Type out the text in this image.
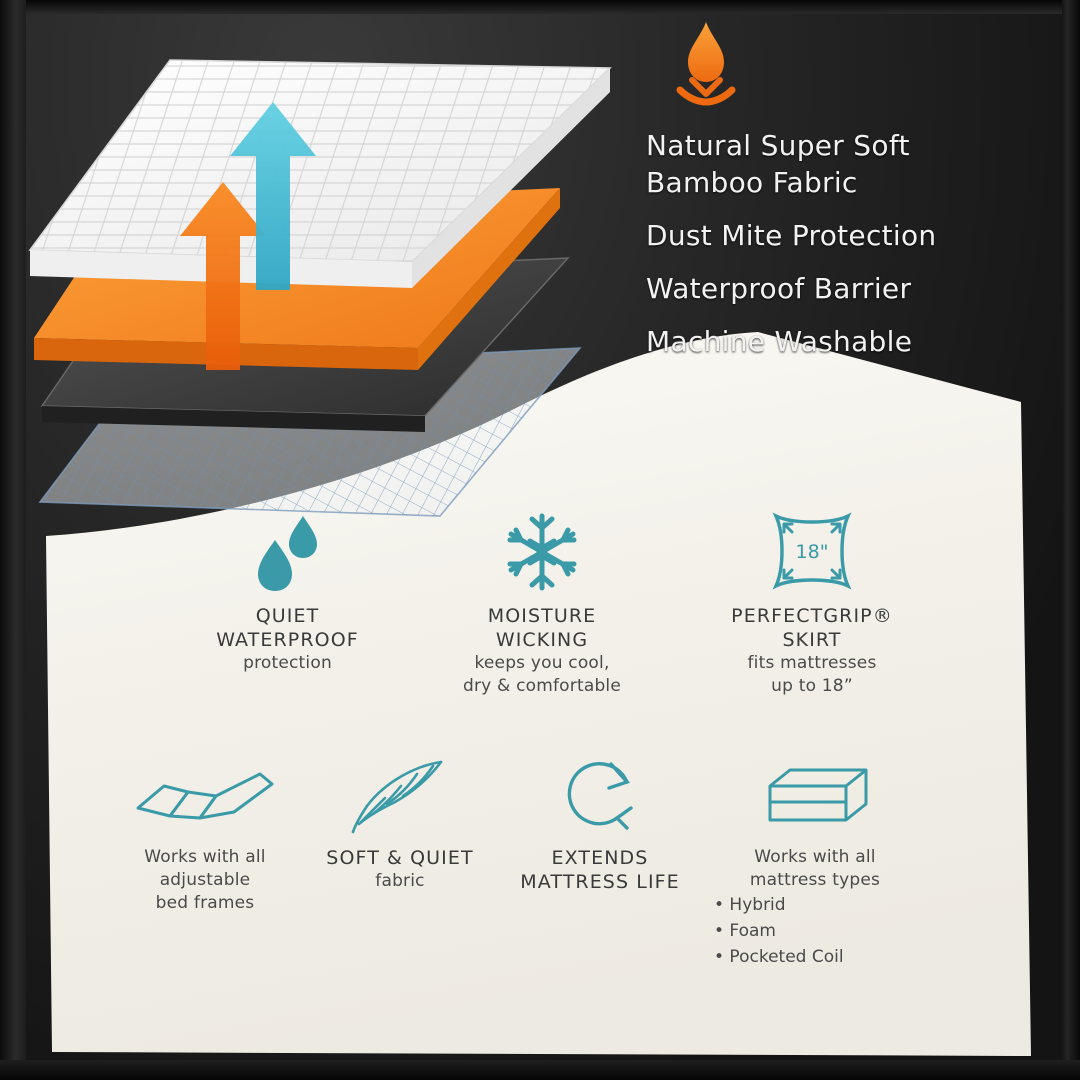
Natural Super Soft
Bamboo Fabric
Dust Mite Protection
Waterproof Barrier
Machine Washable
QUIET
WATERPROOF
protection
MOISTURE
WICKING
keeps you cool,
dry & comfortable
18"
PERFECTGRIP®
SKIRT
fits mattresses
up to 18”
Works with all
adjustable
bed frames
SOFT & QUIET
fabric
EXTENDS
MATTRESS LIFE
Works with all
mattress types
• Hybrid
• Foam
• Pocketed Coil
